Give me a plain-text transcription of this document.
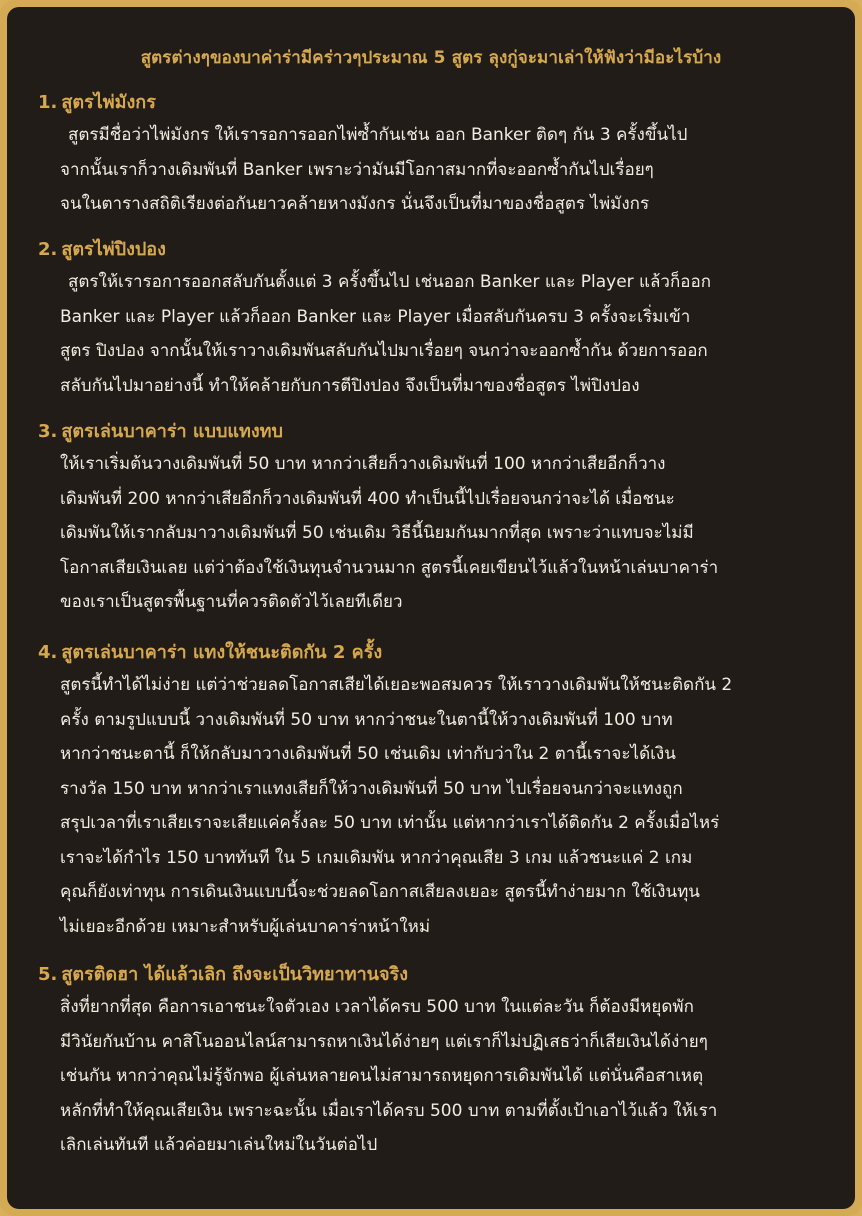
สูตรต่างๆของบาค่าร่ามีคร่าวๆประมาณ 5 สูตร ลุงกู่จะมาเล่าให้ฟังว่ามีอะไรบ้าง
1. สูตรไพ่มังกร
สูตรมีชื่อว่าไพ่มังกร ให้เรารอการออกไพ่ซ้ำกันเช่น ออก Banker ติดๆ กัน 3 ครั้งขึ้นไป
จากนั้นเราก็วางเดิมพันที่ Banker เพราะว่ามันมีโอกาสมากที่จะออกซ้ำกันไปเรื่อยๆ
จนในตารางสถิติเรียงต่อกันยาวคล้ายหางมังกร นั่นจึงเป็นที่มาของชื่อสูตร ไพ่มังกร
2. สูตรไพ่ปิงปอง
สูตรให้เรารอการออกสลับกันตั้งแต่ 3 ครั้งขึ้นไป เช่นออก Banker และ Player แล้วก็ออก
Banker และ Player แล้วก็ออก Banker และ Player เมื่อสลับกันครบ 3 ครั้งจะเริ่มเข้า
สูตร ปิงปอง จากนั้นให้เราวางเดิมพันสลับกันไปมาเรื่อยๆ จนกว่าจะออกซ้ำกัน ด้วยการออก
สลับกันไปมาอย่างนี้ ทำให้คล้ายกับการตีปิงปอง จึงเป็นที่มาของชื่อสูตร ไพ่ปิงปอง
3. สูตรเล่นบาคาร่า แบบแทงทบ
ให้เราเริ่มต้นวางเดิมพันที่ 50 บาท หากว่าเสียก็วางเดิมพันที่ 100 หากว่าเสียอีกก็วาง
เดิมพันที่ 200 หากว่าเสียอีกก็วางเดิมพันที่ 400 ทำเป็นนี้ไปเรื่อยจนกว่าจะได้ เมื่อชนะ
เดิมพันให้เรากลับมาวางเดิมพันที่ 50 เช่นเดิม วิธีนี้นิยมกันมากที่สุด เพราะว่าแทบจะไม่มี
โอกาสเสียเงินเลย แต่ว่าต้องใช้เงินทุนจำนวนมาก สูตรนี้เคยเขียนไว้แล้วในหน้าเล่นบาคาร่า
ของเราเป็นสูตรพื้นฐานที่ควรติดตัวไว้เลยทีเดียว
4. สูตรเล่นบาคาร่า แทงให้ชนะติดกัน 2 ครั้ง
สูตรนี้ทำได้ไม่ง่าย แต่ว่าช่วยลดโอกาสเสียได้เยอะพอสมควร ให้เราวางเดิมพันให้ชนะติดกัน 2
ครั้ง ตามรูปแบบนี้ วางเดิมพันที่ 50 บาท หากว่าชนะในตานี้ให้วางเดิมพันที่ 100 บาท
หากว่าชนะตานี้ ก็ให้กลับมาวางเดิมพันที่ 50 เช่นเดิม เท่ากับว่าใน 2 ตานี้เราจะได้เงิน
รางวัล 150 บาท หากว่าเราแทงเสียก็ให้วางเดิมพันที่ 50 บาท ไปเรื่อยจนกว่าจะแทงถูก
สรุปเวลาที่เราเสียเราจะเสียแค่ครั้งละ 50 บาท เท่านั้น แต่หากว่าเราได้ติดกัน 2 ครั้งเมื่อไหร่
เราจะได้กำไร 150 บาททันที ใน 5 เกมเดิมพัน หากว่าคุณเสีย 3 เกม แล้วชนะแค่ 2 เกม
คุณก็ยังเท่าทุน การเดินเงินแบบนี้จะช่วยลดโอกาสเสียลงเยอะ สูตรนี้ทำง่ายมาก ใช้เงินทุน
ไม่เยอะอีกด้วย เหมาะสำหรับผู้เล่นบาคาร่าหน้าใหม่
5. สูตรติดฮา ได้แล้วเลิก ถึงจะเป็นวิทยาทานจริง
สิ่งที่ยากที่สุด คือการเอาชนะใจตัวเอง เวลาได้ครบ 500 บาท ในแต่ละวัน ก็ต้องมีหยุดพัก
มีวินัยกันบ้าน คาสิโนออนไลน์สามารถหาเงินได้ง่ายๆ แต่เราก็ไม่ปฏิเสธว่าก็เสียเงินได้ง่ายๆ
เช่นกัน หากว่าคุณไม่รู้จักพอ ผู้เล่นหลายคนไม่สามารถหยุดการเดิมพันได้ แต่นั่นคือสาเหตุ
หลักที่ทำให้คุณเสียเงิน เพราะฉะนั้น เมื่อเราได้ครบ 500 บาท ตามที่ตั้งเป้าเอาไว้แล้ว ให้เรา
เลิกเล่นทันที แล้วค่อยมาเล่นใหม่ในวันต่อไป
